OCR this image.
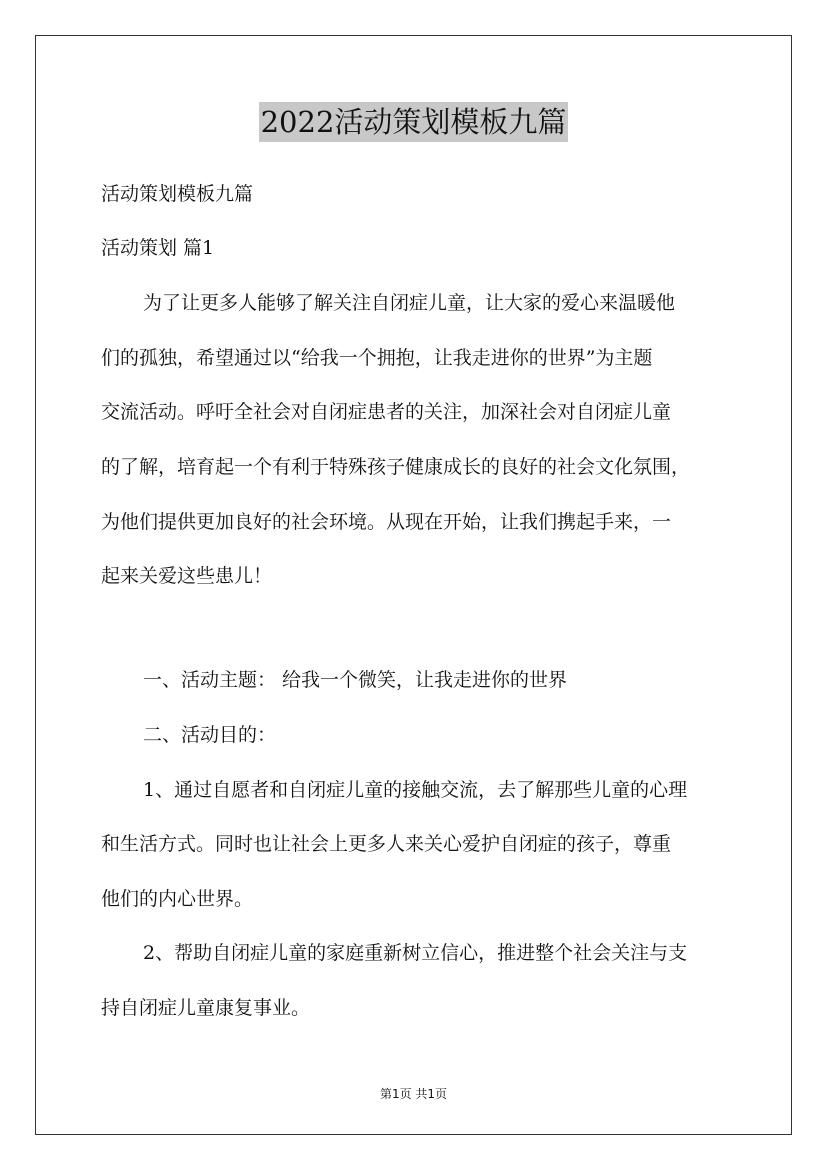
2022活动策划模板九篇
活动策划模板九篇
活动策划 篇1
为了让更多人能够了解关注自闭症儿童，让大家的爱心来温暖他
们的孤独，希望通过以“给我一个拥抱，让我走进你的世界”为主题
交流活动。呼吁全社会对自闭症患者的关注，加深社会对自闭症儿童
的了解，培育起一个有利于特殊孩子健康成长的良好的社会文化氛围，
为他们提供更加良好的社会环境。从现在开始，让我们携起手来，一
起来关爱这些患儿！
一、活动主题： 给我一个微笑，让我走进你的世界
二、活动目的：
1、通过自愿者和自闭症儿童的接触交流，去了解那些儿童的心理
和生活方式。同时也让社会上更多人来关心爱护自闭症的孩子，尊重
他们的内心世界。
2、帮助自闭症儿童的家庭重新树立信心，推进整个社会关注与支
持自闭症儿童康复事业。
第1页 共1页
